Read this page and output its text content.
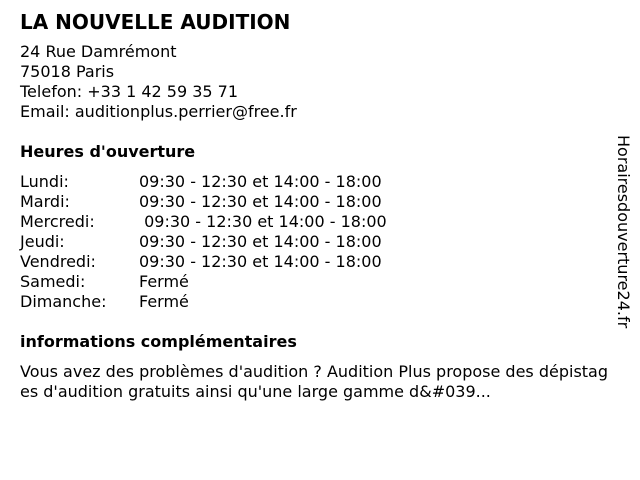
LA NOUVELLE AUDITION
24 Rue Damrémont
75018 Paris
Telefon: +33 1 42 59 35 71
Email: auditionplus.perrier@free.fr
Heures d'ouverture
Lundi:	09:30 - 12:30 et 14:00 - 18:00
Mardi:	09:30 - 12:30 et 14:00 - 18:00
Mercredi:	09:30 - 12:30 et 14:00 - 18:00
Jeudi:	09:30 - 12:30 et 14:00 - 18:00
Vendredi:	09:30 - 12:30 et 14:00 - 18:00
Samedi:	Fermé
Dimanche:	Fermé
informations complémentaires
Vous avez des problèmes d'audition ? Audition Plus propose des dépistages d'audition gratuits ainsi qu'une large gamme d&#039...
Horairesdouverture24.fr
